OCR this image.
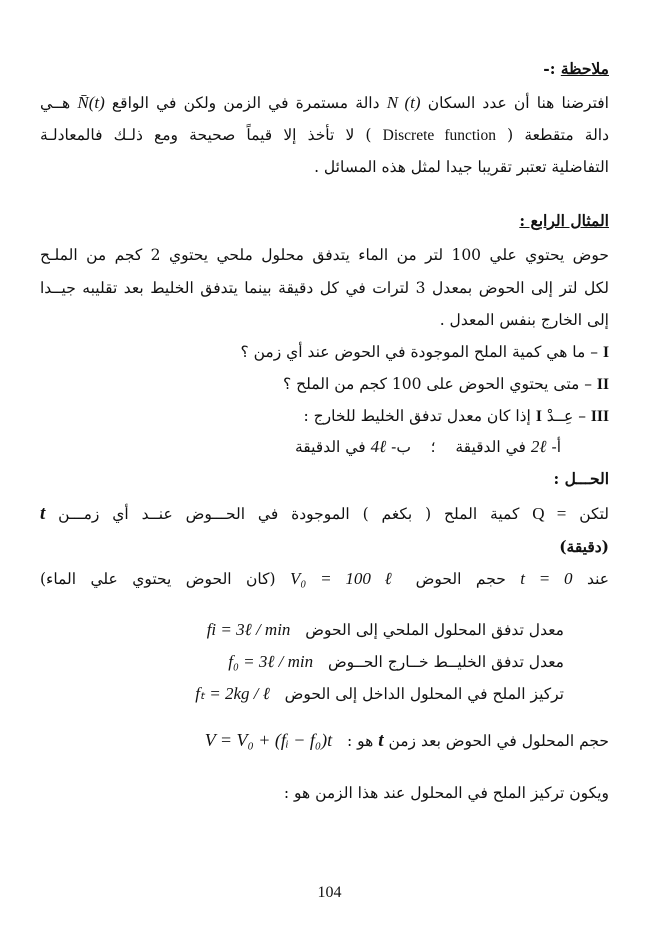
ملاحظة :-
افترضنا هنا أن عدد السكان N (t) دالة مستمرة في الزمن ولكن في الواقع N̄(t) هــي
دالة متقطعة ( Discrete function ) لا تأخذ إلا قيماً صحيحة ومع ذلـك فالمعادلـة
التفاضلية تعتبر تقريبا جيدا لمثل هذه المسائل .
المثال الرابع :
حوض يحتوي علي 100 لتر من الماء يتدفق محلول ملحي يحتوي 2 كجم من الملـح
لكل لتر إلى الحوض بمعدل 3 لترات في كل دقيقة بينما يتدفق الخليط بعد تقليبه جيــدا
إلى الخارج بنفس المعدل .
I – ما هي كمية الملح الموجودة في الحوض عند أي زمن ؟
II – متى يحتوي الحوض على 100 كجم من الملح ؟
III – عِــدْ I إذا كان معدل تدفق الخليط للخارج :
أ- 2ℓ في الدقيقة    ؛    ب- 4ℓ في الدقيقة
الحـــل :
لتكن Q = كمية الملح ( بكغم ) الموجودة في الحـــوض عنــد أي زمـــن t
(دقيقة)
عند t = 0 حجم الحوض V₀ = 100 ℓ (كان الحوض يحتوي علي الماء)
معدل تدفق المحلول الملحي إلى الحوض   fi = 3ℓ / min
معدل تدفق الخليــط خــارج الحــوض   f₀ = 3ℓ / min
تركيز الملح في المحلول الداخل إلى الحوض   fₜ = 2kg / ℓ
حجم المحلول في الحوض بعد زمن t هو :   V = V₀ + (fᵢ − f₀)t
ويكون تركيز الملح في المحلول عند هذا الزمن هو :
104
